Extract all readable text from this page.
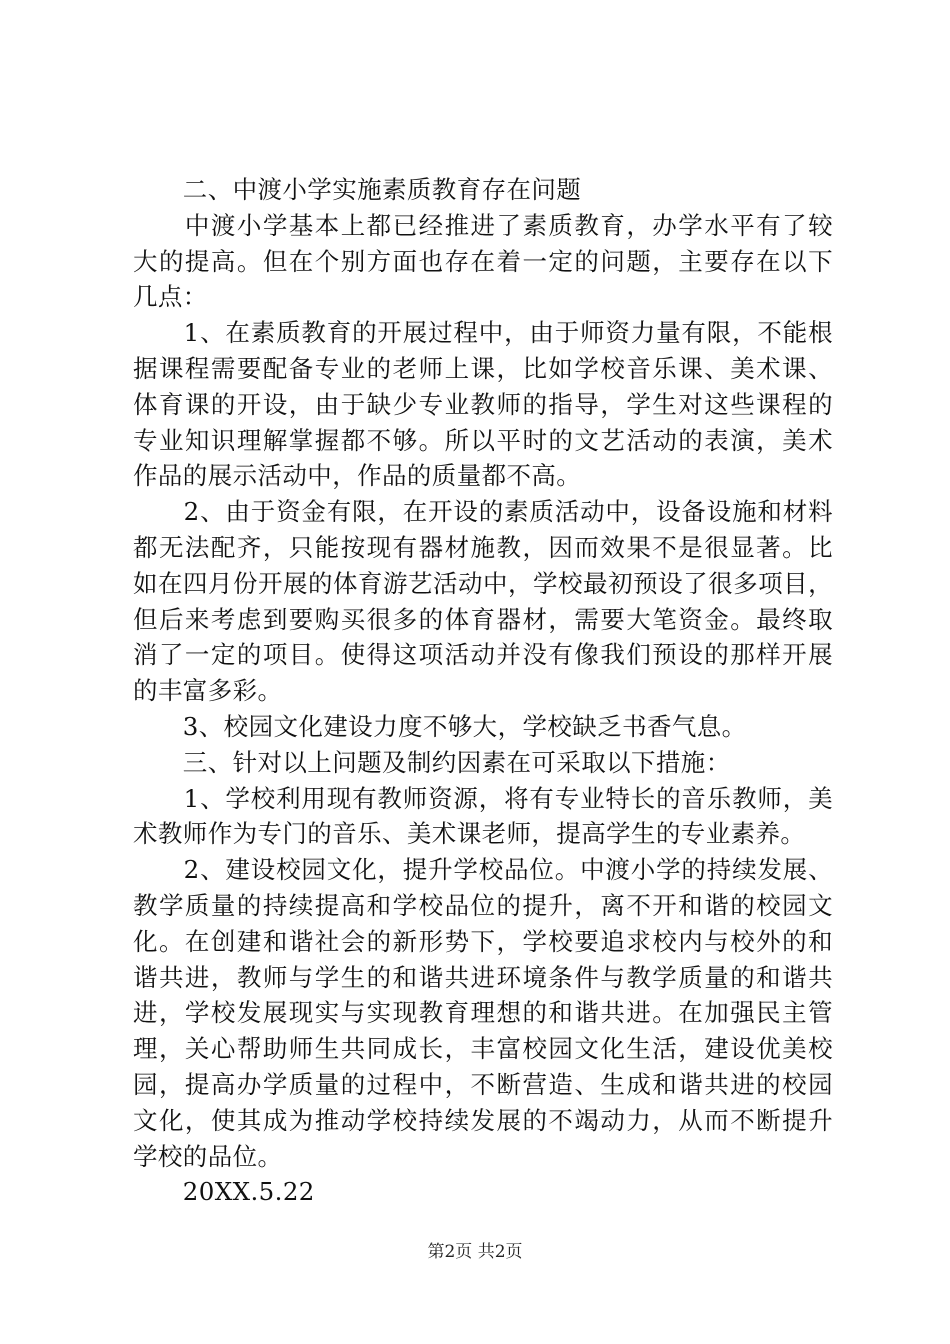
　　二、中渡小学实施素质教育存在问题
　　中渡小学基本上都已经推进了素质教育，办学水平有了较
大的提高。但在个别方面也存在着一定的问题，主要存在以下
几点：
　　1、在素质教育的开展过程中，由于师资力量有限，不能根
据课程需要配备专业的老师上课，比如学校音乐课、美术课、
体育课的开设，由于缺少专业教师的指导，学生对这些课程的
专业知识理解掌握都不够。所以平时的文艺活动的表演，美术
作品的展示活动中，作品的质量都不高。
　　2、由于资金有限，在开设的素质活动中，设备设施和材料
都无法配齐，只能按现有器材施教，因而效果不是很显著。比
如在四月份开展的体育游艺活动中，学校最初预设了很多项目，
但后来考虑到要购买很多的体育器材，需要大笔资金。最终取
消了一定的项目。使得这项活动并没有像我们预设的那样开展
的丰富多彩。
　　3、校园文化建设力度不够大，学校缺乏书香气息。
　　三、针对以上问题及制约因素在可采取以下措施：
　　1、学校利用现有教师资源，将有专业特长的音乐教师，美
术教师作为专门的音乐、美术课老师，提高学生的专业素养。
　　2、建设校园文化，提升学校品位。中渡小学的持续发展、
教学质量的持续提高和学校品位的提升，离不开和谐的校园文
化。在创建和谐社会的新形势下，学校要追求校内与校外的和
谐共进，教师与学生的和谐共进环境条件与教学质量的和谐共
进，学校发展现实与实现教育理想的和谐共进。在加强民主管
理，关心帮助师生共同成长，丰富校园文化生活，建设优美校
园，提高办学质量的过程中，不断营造、生成和谐共进的校园
文化，使其成为推动学校持续发展的不竭动力，从而不断提升
学校的品位。
　　20XX.5.22
第2页 共2页
